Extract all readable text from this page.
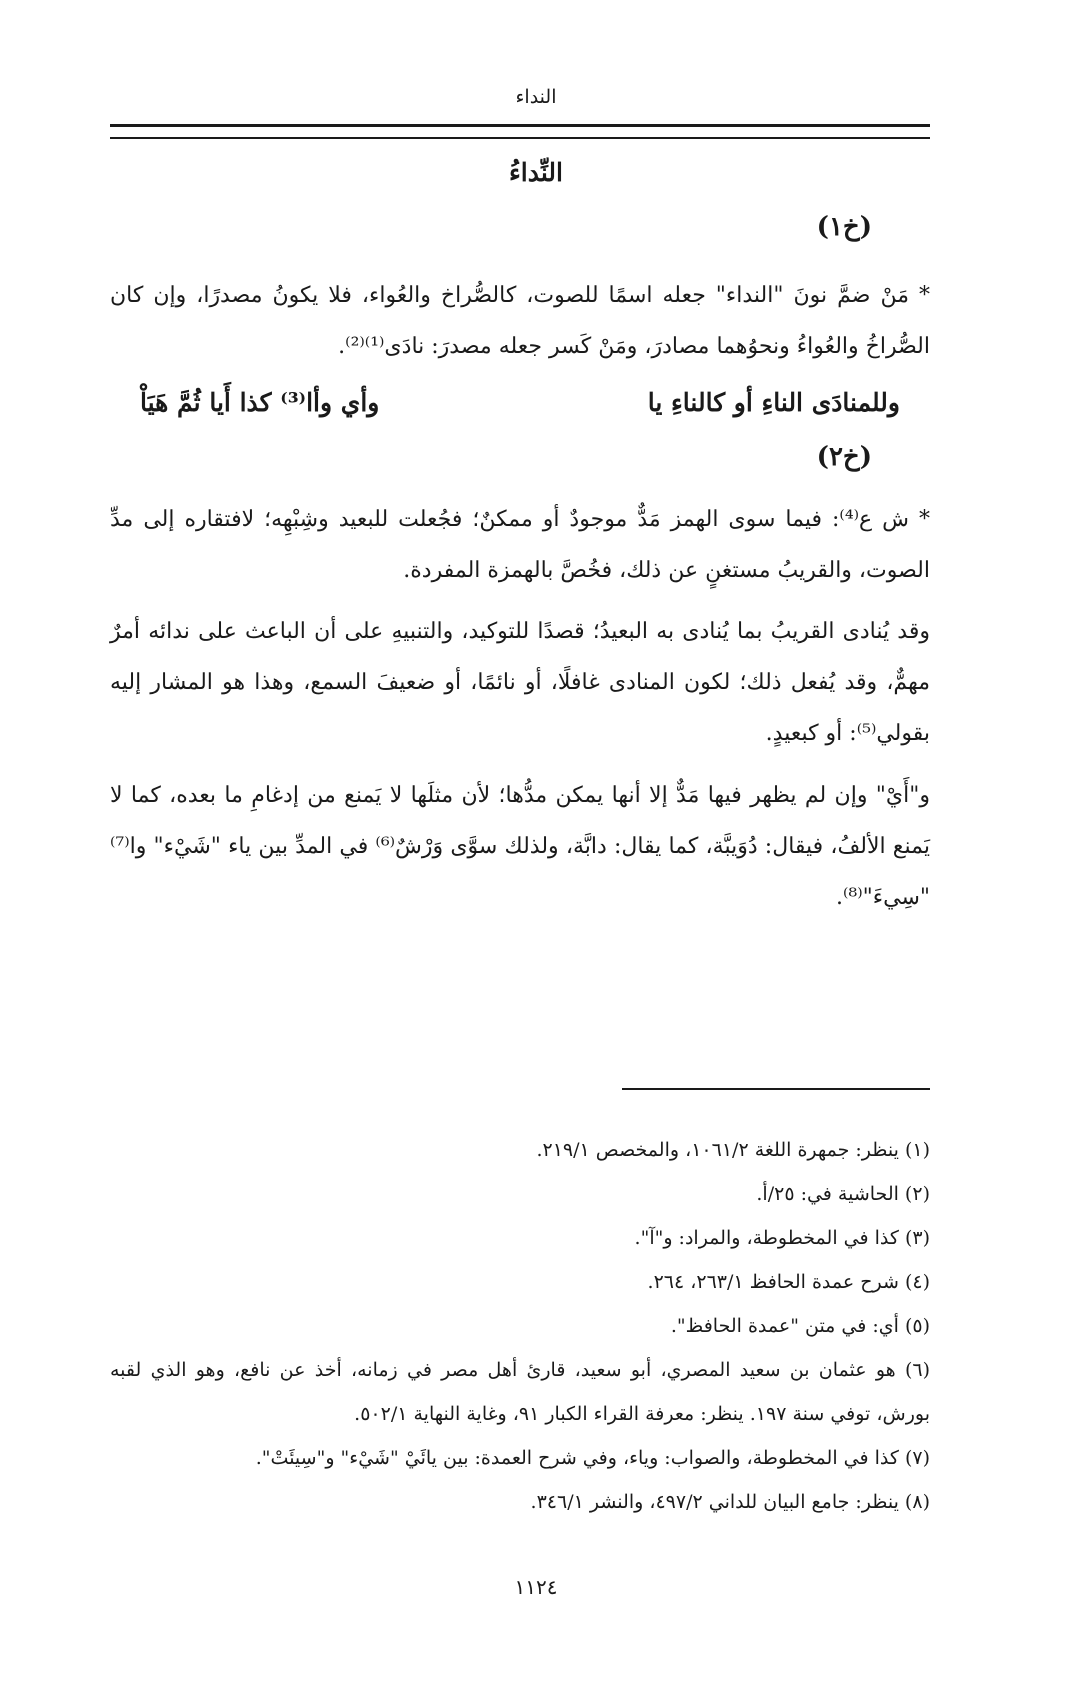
النداء
النِّداءُ
(خ١)
* مَنْ ضمَّ نونَ "النداء" جعله اسمًا للصوت، كالصُّراخ والعُواء، فلا يكونُ مصدرًا، وإن كان الصُّراخُ والعُواءُ ونحوُهما مصادرَ، ومَنْ كَسر جعله مصدرَ: نادَى⁽¹⁾⁽²⁾.
وللمنادَى الناءِ أو كالناءِ يا
وأي وأا⁽³⁾ كذا أَيا ثُمَّ هَيَاْ
(خ٢)
* ش ع⁽⁴⁾: فيما سوى الهمز مَدٌّ موجودٌ أو ممكنٌ؛ فجُعلت للبعيد وشِبْهِه؛ لافتقاره إلى مدِّ الصوت، والقريبُ مستغنٍ عن ذلك، فخُصَّ بالهمزة المفردة.
وقد يُنادى القريبُ بما يُنادى به البعيدُ؛ قصدًا للتوكيد، والتنبيهِ على أن الباعث على ندائه أمرٌ مهمٌّ، وقد يُفعل ذلك؛ لكون المنادى غافلًا، أو نائمًا، أو ضعيفَ السمع، وهذا هو المشار إليه بقولي⁽⁵⁾: أو كبعيدٍ.
و"أَيْ" وإن لم يظهر فيها مَدٌّ إلا أنها يمكن مدُّها؛ لأن مثلَها لا يَمنع من إدغامِ ما بعده، كما لا يَمنع الألفُ، فيقال: دُوَيبَّة، كما يقال: دابَّة، ولذلك سوَّى وَرْشٌ⁽⁶⁾ في المدِّ بين ياء "شَيْء" وا⁽⁷⁾ "سِيءَ"⁽⁸⁾.
(١) ينظر: جمهرة اللغة ١٠٦١/٢، والمخصص ٢١٩/١.
(٢) الحاشية في: ٢٥/أ.
(٣) كذا في المخطوطة، والمراد: و"آ".
(٤) شرح عمدة الحافظ ٢٦٣/١، ٢٦٤.
(٥) أي: في متن "عمدة الحافظ".
(٦) هو عثمان بن سعيد المصري، أبو سعيد، قارئ أهل مصر في زمانه، أخذ عن نافع، وهو الذي لقبه بورش، توفي سنة ١٩٧. ينظر: معرفة القراء الكبار ٩١، وغاية النهاية ٥٠٢/١.
(٧) كذا في المخطوطة، والصواب: وياء، وفي شرح العمدة: بين يائَيْ "شَيْء" و"سِيئَتْ".
(٨) ينظر: جامع البيان للداني ٤٩٧/٢، والنشر ٣٤٦/١.
١١٢٤
